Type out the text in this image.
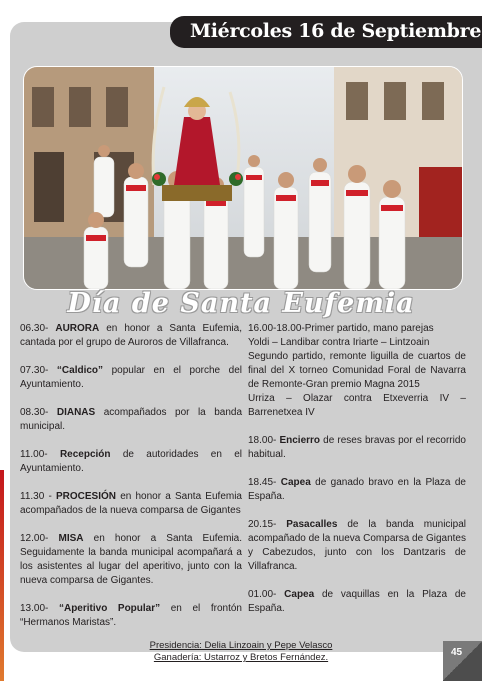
Miércoles 16 de Septiembre
Día de Santa Eufemia
06.30- AURORA en honor a Santa Eufemia, cantada por el grupo de Auroros de Villafranca.
07.30- “Caldico” popular en el porche del Ayuntamiento.
08.30- DIANAS acompañados por la banda municipal.
11.00- Recepción de autoridades en el Ayuntamiento.
11.30 - PROCESIÓN en honor a Santa Eufemia acompañados de la nueva comparsa de Gigantes
12.00- MISA en honor a Santa Eufemia. Seguidamente la banda municipal acompañará a los asistentes al lugar del aperitivo, junto con la nueva comparsa de Gigantes.
13.00- “Aperitivo Popular” en el frontón “Hermanos Maristas”.
16.00-18.00-Primer partido, mano parejas
Yoldi – Landibar contra Iriarte – Lintzoain
Segundo partido, remonte liguilla de cuartos de final del X torneo Comunidad Foral de Navarra de Remonte-Gran premio Magna 2015
Urriza – Olazar contra Etxeverria IV – Barrenetxea IV
18.00- Encierro de reses bravas por el recorrido habitual.
18.45- Capea de ganado bravo en la Plaza de España.
20.15- Pasacalles de la banda municipal acompañado de la nueva Comparsa de Gigantes y Cabezudos, junto con los Dantzaris de Villafranca.
01.00- Capea de vaquillas en la Plaza de España.
Presidencia: Delia Linzoain y Pepe Velasco
Ganadería: Ustarroz y Bretos Fernández.	45
